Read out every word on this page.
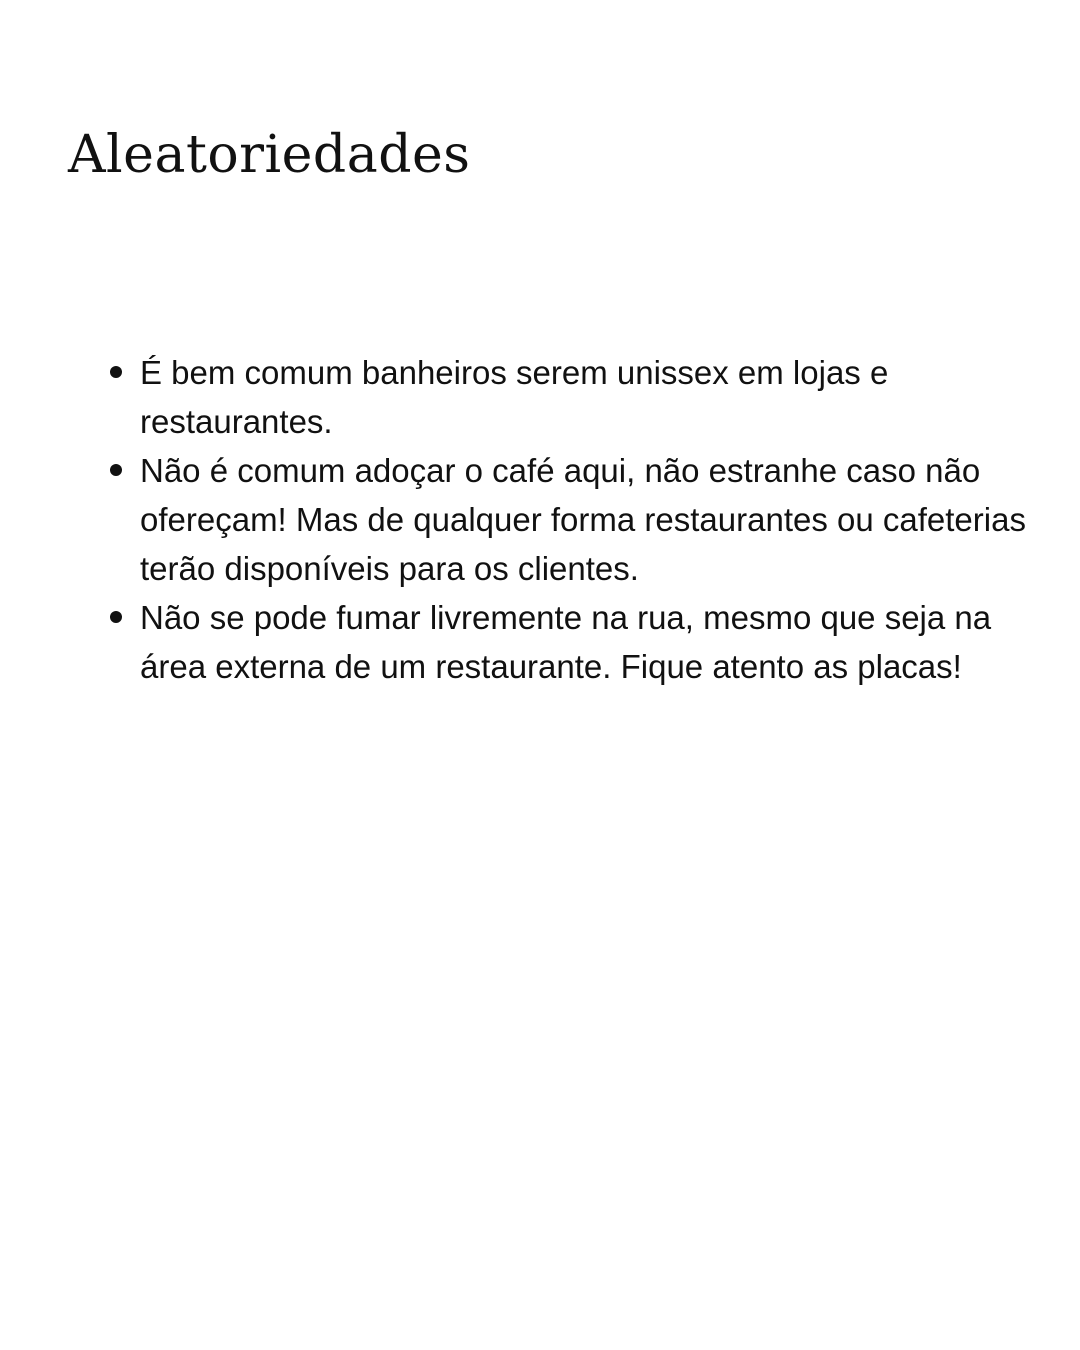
Aleatoriedades
É bem comum banheiros serem unissex em lojas e restaurantes.
Não é comum adoçar o café aqui, não estranhe caso não ofereçam! Mas de qualquer forma restaurantes ou cafeterias terão disponíveis para os clientes.
Não se pode fumar livremente na rua, mesmo que seja na área externa de um restaurante. Fique atento as placas!
